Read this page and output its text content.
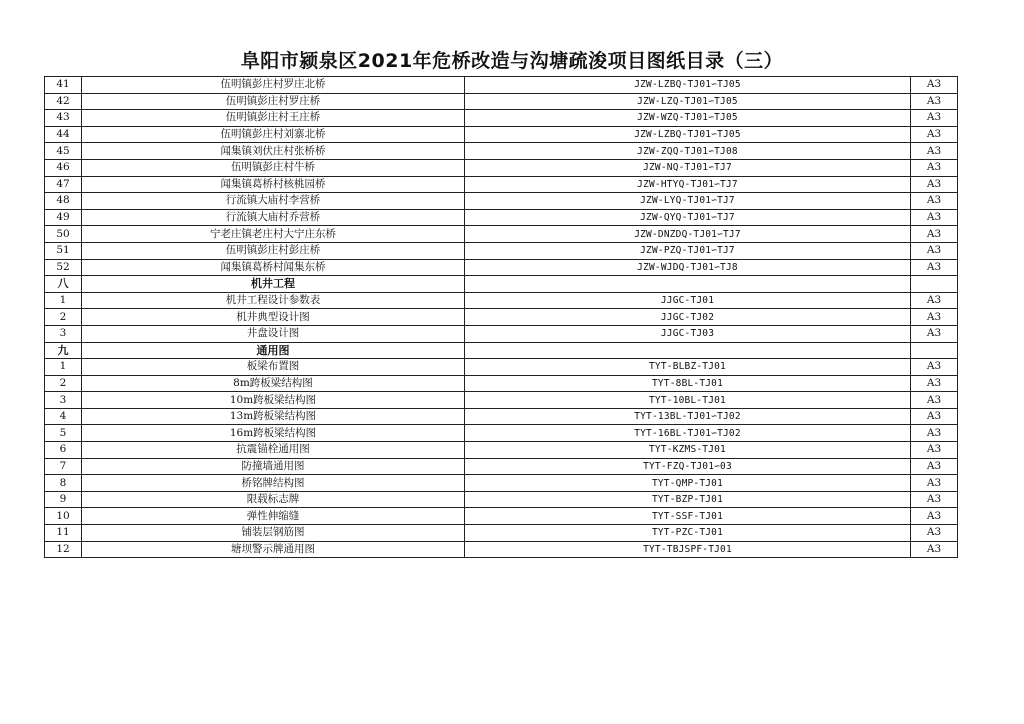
阜阳市颍泉区2021年危桥改造与沟塘疏浚项目图纸目录（三）
41	伍明镇彭庄村罗庄北桥	JZW-LZBQ-TJ01∽TJ05	A3
42	伍明镇彭庄村罗庄桥	JZW-LZQ-TJ01∽TJ05	A3
43	伍明镇彭庄村王庄桥	JZW-WZQ-TJ01∽TJ05	A3
44	伍明镇彭庄村刘寨北桥	JZW-LZBQ-TJ01∽TJ05	A3
45	闻集镇刘伏庄村张桥桥	JZW-ZQQ-TJ01∽TJ08	A3
46	伍明镇彭庄村牛桥	JZW-NQ-TJ01∽TJ7	A3
47	闻集镇葛桥村核桃园桥	JZW-HTYQ-TJ01∽TJ7	A3
48	行流镇大庙村李营桥	JZW-LYQ-TJ01∽TJ7	A3
49	行流镇大庙村乔营桥	JZW-QYQ-TJ01∽TJ7	A3
50	宁老庄镇老庄村大宁庄东桥	JZW-DNZDQ-TJ01∽TJ7	A3
51	伍明镇彭庄村彭庄桥	JZW-PZQ-TJ01∽TJ7	A3
52	闻集镇葛桥村闻集东桥	JZW-WJDQ-TJ01∽TJ8	A3
八	机井工程		
1	机井工程设计参数表	JJGC-TJ01	A3
2	机井典型设计图	JJGC-TJ02	A3
3	井盘设计图	JJGC-TJ03	A3
九	通用图		
1	板梁布置图	TYT-BLBZ-TJ01	A3
2	8m跨板梁结构图	TYT-8BL-TJ01	A3
3	10m跨板梁结构图	TYT-10BL-TJ01	A3
4	13m跨板梁结构图	TYT-13BL-TJ01∽TJ02	A3
5	16m跨板梁结构图	TYT-16BL-TJ01∽TJ02	A3
6	抗震锚栓通用图	TYT-KZMS-TJ01	A3
7	防撞墙通用图	TYT-FZQ-TJ01∽03	A3
8	桥铭牌结构图	TYT-QMP-TJ01	A3
9	限载标志牌	TYT-BZP-TJ01	A3
10	弹性伸缩缝	TYT-SSF-TJ01	A3
11	铺装层钢筋图	TYT-PZC-TJ01	A3
12	塘坝警示牌通用图	TYT-TBJSPF-TJ01	A3
